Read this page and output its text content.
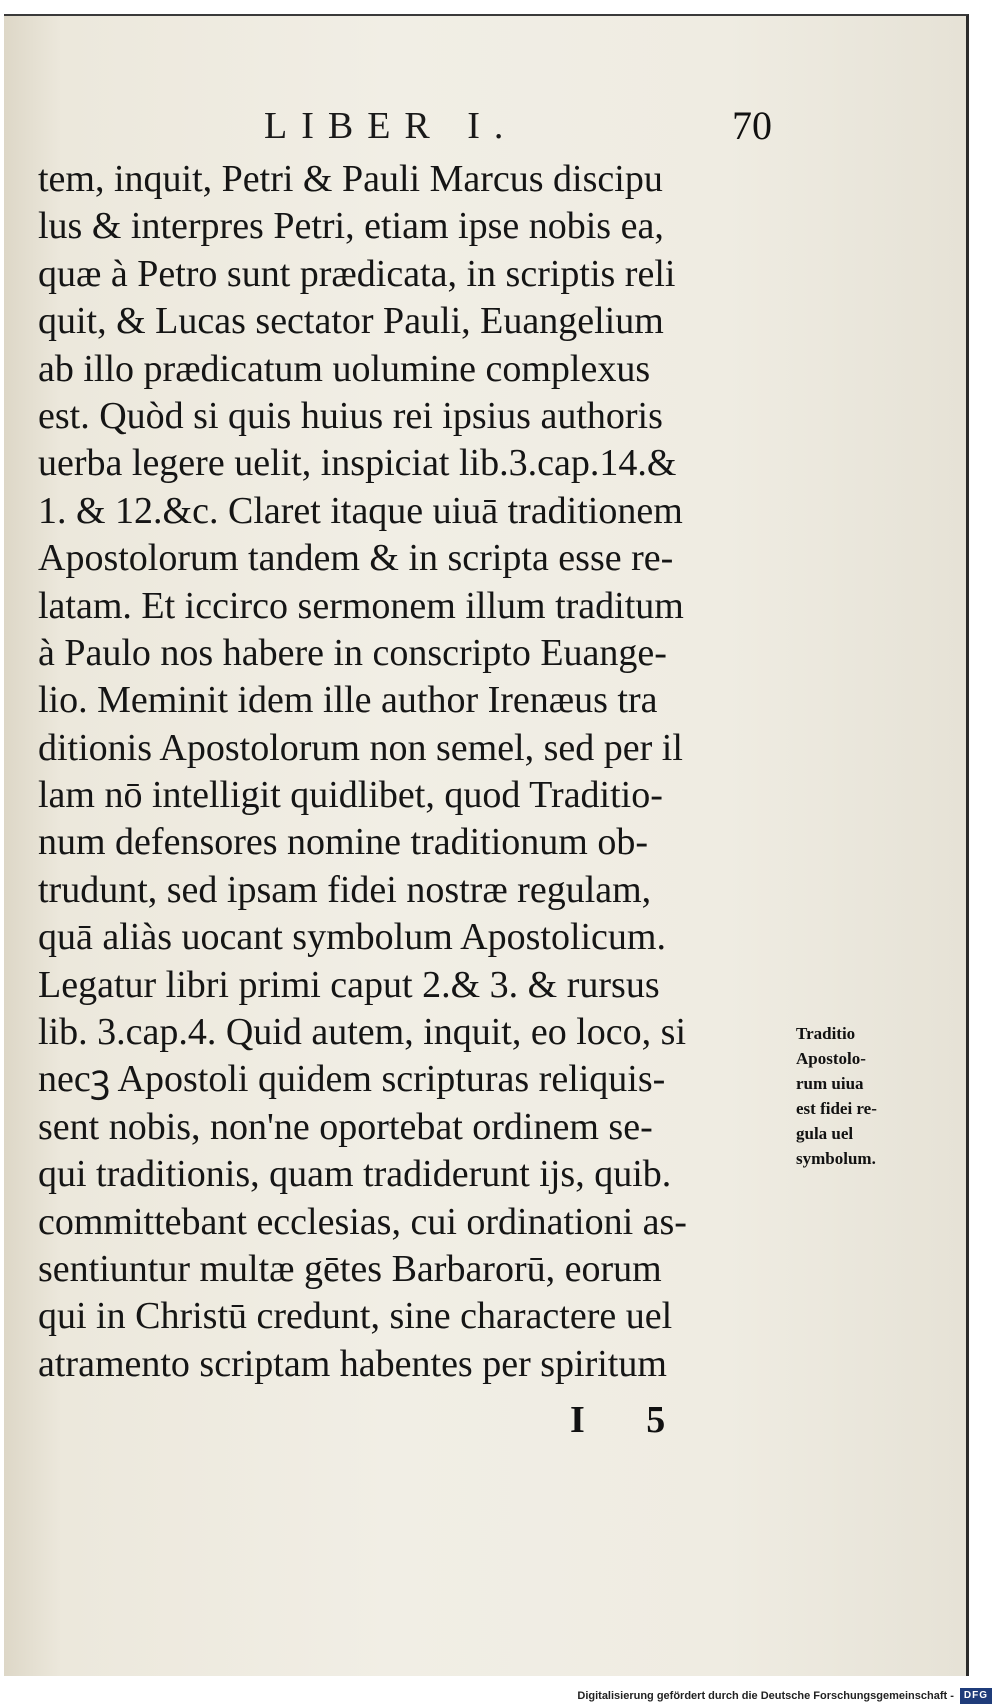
LIBER I.	70
tem, inquit, Petri & Pauli Marcus discipu
lus & interpres Petri, etiam ipse nobis ea,
quæ à Petro sunt prædicata, in scriptis reli
quit, & Lucas sectator Pauli, Euangelium
ab illo prædicatum uolumine complexus
est. Quòd si quis huius rei ipsius authoris
uerba legere uelit, inspiciat lib.3.cap.14.&
1. & 12.&c. Claret itaque uiuā traditionem
Apostolorum tandem & in scripta esse re-
latam. Et iccirco sermonem illum traditum
à Paulo nos habere in conscripto Euange-
lio. Meminit idem ille author Irenæus tra
ditionis Apostolorum non semel, sed per il
lam nō intelligit quidlibet, quod Traditio-
num defensores nomine traditionum ob-
trudunt, sed ipsam fidei nostræ regulam,
quā aliàs uocant symbolum Apostolicum.
Legatur libri primi caput 2.& 3. & rursus
lib. 3.cap.4. Quid autem, inquit, eo loco, si
necꝫ Apostoli quidem scripturas reliquis-
sent nobis, non'ne oportebat ordinem se-
qui traditionis, quam tradiderunt ijs, quib.
committebant ecclesias, cui ordinationi as-
sentiuntur multæ gētes Barbarorū, eorum
qui in Christū credunt, sine charactere uel
atramento scriptam habentes per spiritum
Traditio
Apostolo-
rum uiua
est fidei re-
gula uel
symbolum.
I 5
Digitalisierung gefördert durch die Deutsche Forschungsgemeinschaft -	DFG
